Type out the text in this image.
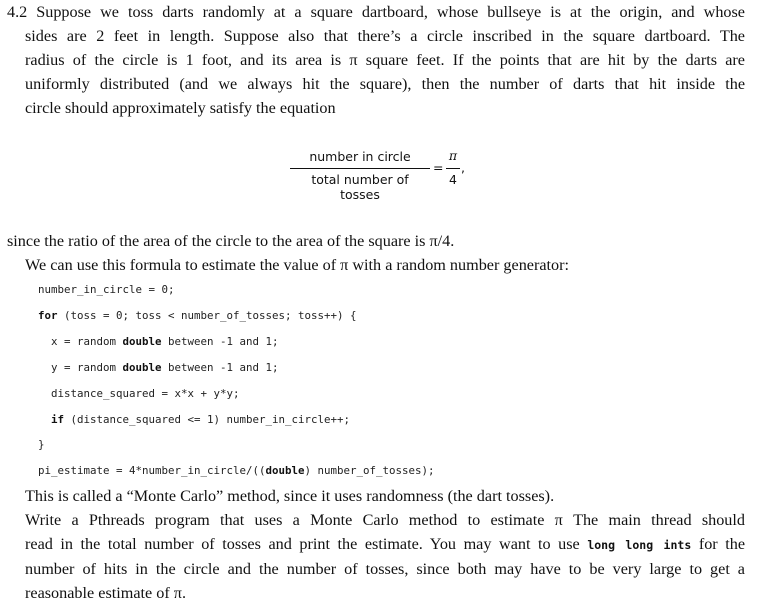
4.2 Suppose we toss darts randomly at a square dartboard, whose bullseye is at the origin, and whose
sides are 2 feet in length. Suppose also that there’s a circle inscribed in the square dartboard. The
radius of the circle is 1 foot, and its area is π square feet. If the points that are hit by the darts are
uniformly distributed (and we always hit the square), then the number of darts that hit inside the
circle should approximately satisfy the equation
number in circle
total number of tosses
=
π
4
,

since the ratio of the area of the circle to the area of the square is π/4.

We can use this formula to estimate the value of π with a random number generator:

number_in_circle = 0;
for (toss = 0; toss < number_of_tosses; toss++) {
x = random double between -1 and 1;
y = random double between -1 and 1;
distance_squared = x*x + y*y;
if (distance_squared <= 1) number_in_circle++;
}
pi_estimate = 4*number_in_circle/((double) number_of_tosses);

This is called a “Monte Carlo” method, since it uses randomness (the dart tosses).

Write a Pthreads program that uses a Monte Carlo method to estimate π The main thread should
read in the total number of tosses and print the estimate. You may want to use long long ints for the
number of hits in the circle and the number of tosses, since both may have to be very large to get a
reasonable estimate of π.
